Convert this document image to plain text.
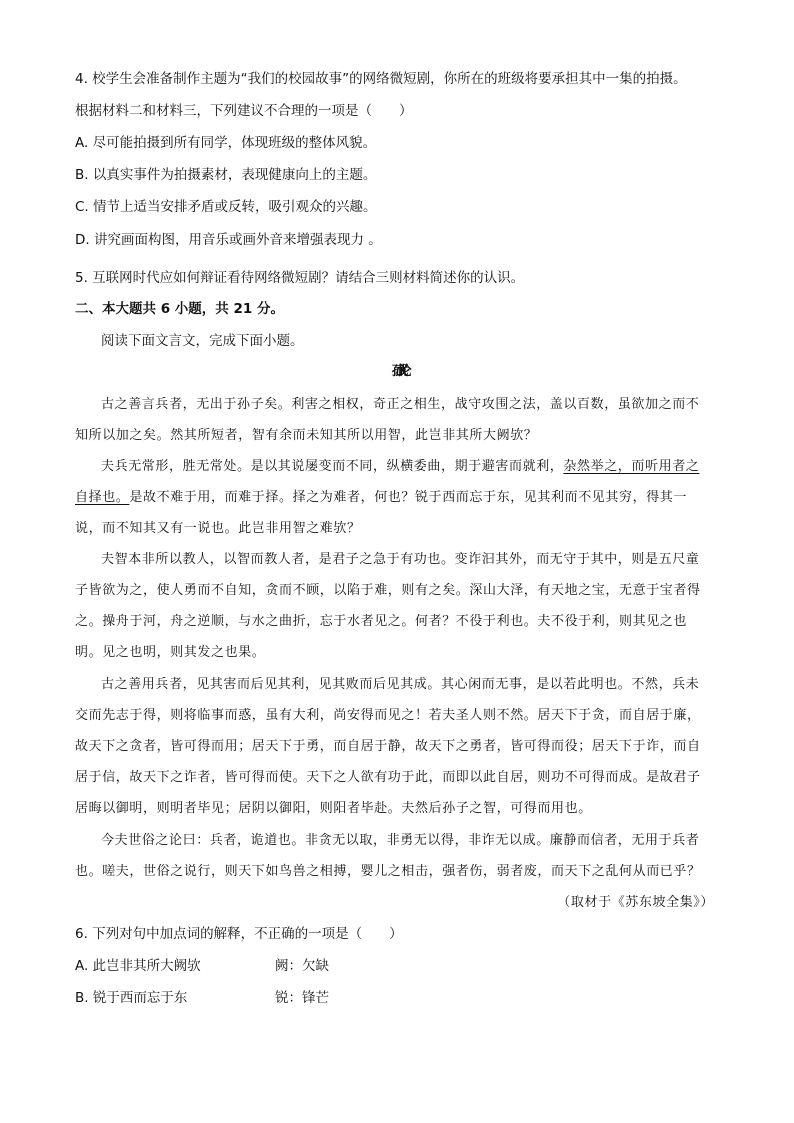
4. 校学生会准备制作主题为“我们的校园故事”的网络微短剧，你所在的班级将要承担其中一集的拍摄。
根据材料二和材料三，下列建议不合理的一项是（　　）
A. 尽可能拍摄到所有同学，体现班级的整体风貌。
B. 以真实事件为拍摄素材，表现健康向上的主题。
C. 情节上适当安排矛盾或反转，吸引观众的兴趣。
D. 讲究画面构图，用音乐或画外音来增强表现力 。
5. 互联网时代应如何辩证看待网络微短剧？请结合三则材料简述你的认识。
二、本大题共 6 小题，共 21 分。
阅读下面文言文，完成下面小题。
孙武论
古之善言兵者，无出于孙子矣。利害之相权，奇正之相生，战守攻围之法，盖以百数，虽欲加之而不
知所以加之矣。然其所短者，智有余而未知其所以用智，此岂非其所大阙欤？
夫兵无常形，胜无常处。是以其说屡变而不同，纵横委曲，期于避害而就利，杂然举之，而听用者之
自择也。是故不难于用，而难于择。择之为难者，何也？锐于西而忘于东，见其利而不见其穷，得其一
说，而不知其又有一说也。此岂非用智之难欤？
夫智本非所以教人，以智而教人者，是君子之急于有功也。变诈汩其外，而无守于其中，则是五尺童
子皆欲为之，使人勇而不自知，贪而不顾，以陷于难，则有之矣。深山大泽，有天地之宝，无意于宝者得
之。操舟于河，舟之逆顺，与水之曲折，忘于水者见之。何者？不役于利也。夫不役于利，则其见之也
明。见之也明，则其发之也果。
古之善用兵者，见其害而后见其利，见其败而后见其成。其心闲而无事，是以若此明也。不然，兵未
交而先志于得，则将临事而惑，虽有大利，尚安得而见之！若夫圣人则不然。居天下于贪，而自居于廉，
故天下之贪者，皆可得而用；居天下于勇，而自居于静，故天下之勇者，皆可得而役；居天下于诈，而自
居于信，故天下之诈者，皆可得而使。天下之人欲有功于此，而即以此自居，则功不可得而成。是故君子
居晦以御明，则明者毕见；居阴以御阳，则阳者毕赴。夫然后孙子之智，可得而用也。
今夫世俗之论曰：兵者，诡道也。非贪无以取，非勇无以得，非诈无以成。廉静而信者，无用于兵者
也。嗟夫，世俗之说行，则天下如鸟兽之相搏，婴儿之相击，强者伤，弱者废，而天下之乱何从而已乎？
（取材于《苏东坡全集》）
6. 下列对句中加点词的解释，不正确的一项是（　　）
A. 此岂非其所大阙欤	阙：欠缺
B. 锐于西而忘于东	锐：锋芒
